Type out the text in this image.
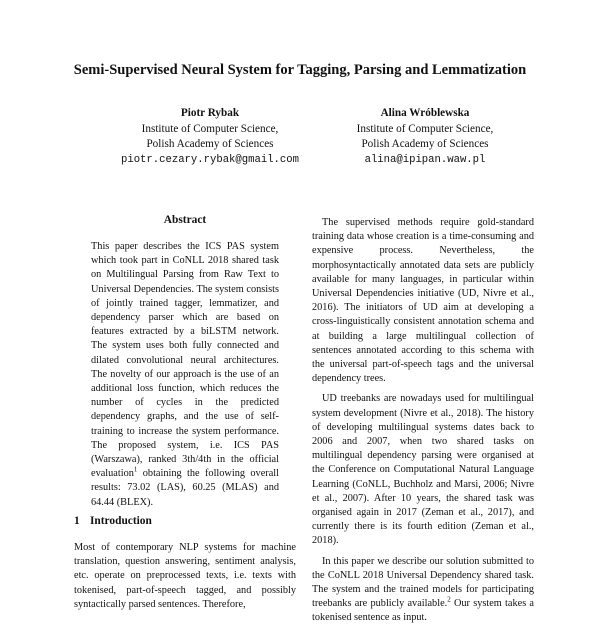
Semi-Supervised Neural System for Tagging, Parsing and Lemmatization
Piotr Rybak
Institute of Computer Science,
Polish Academy of Sciences
piotr.cezary.rybak@gmail.com
Alina Wróblewska
Institute of Computer Science,
Polish Academy of Sciences
alina@ipipan.waw.pl
Abstract
This paper describes the ICS PAS system which took part in CoNLL 2018 shared task on Multilingual Parsing from Raw Text to Universal Dependencies. The system consists of jointly trained tagger, lemmatizer, and dependency parser which are based on features extracted by a biLSTM network. The system uses both fully connected and dilated convolutional neural architectures. The novelty of our approach is the use of an additional loss function, which reduces the number of cycles in the predicted dependency graphs, and the use of self-training to increase the system performance. The proposed system, i.e. ICS PAS (Warszawa), ranked 3th/4th in the official evaluation$^1$ obtaining the following overall results: 73.02 (LAS), 60.25 (MLAS) and 64.44 (BLEX).
1 Introduction
Most of contemporary NLP systems for machine translation, question answering, sentiment analysis, etc. operate on preprocessed texts, i.e. texts with tokenised, part-of-speech tagged, and possibly syntactically parsed sentences. Therefore,

The supervised methods require gold-standard training data whose creation is a time-consuming and expensive process. Nevertheless, the morphosyntactically annotated data sets are publicly available for many languages, in particular within Universal Dependencies initiative (UD, Nivre et al., 2016). The initiators of UD aim at developing a cross-linguistically consistent annotation schema and at building a large multilingual collection of sentences annotated according to this schema with the universal part-of-speech tags and the universal dependency trees.

UD treebanks are nowadays used for multilingual system development (Nivre et al., 2018). The history of developing multilingual systems dates back to 2006 and 2007, when two shared tasks on multilingual dependency parsing were organised at the Conference on Computational Natural Language Learning (CoNLL, Buchholz and Marsi, 2006; Nivre et al., 2007). After 10 years, the shared task was organised again in 2017 (Zeman et al., 2017), and currently there is its fourth edition (Zeman et al., 2018).

In this paper we describe our solution submitted to the CoNLL 2018 Universal Dependency shared task. The system and the trained models for participating treebanks are publicly available.$^2$ Our system takes a tokenised sentence as input.
